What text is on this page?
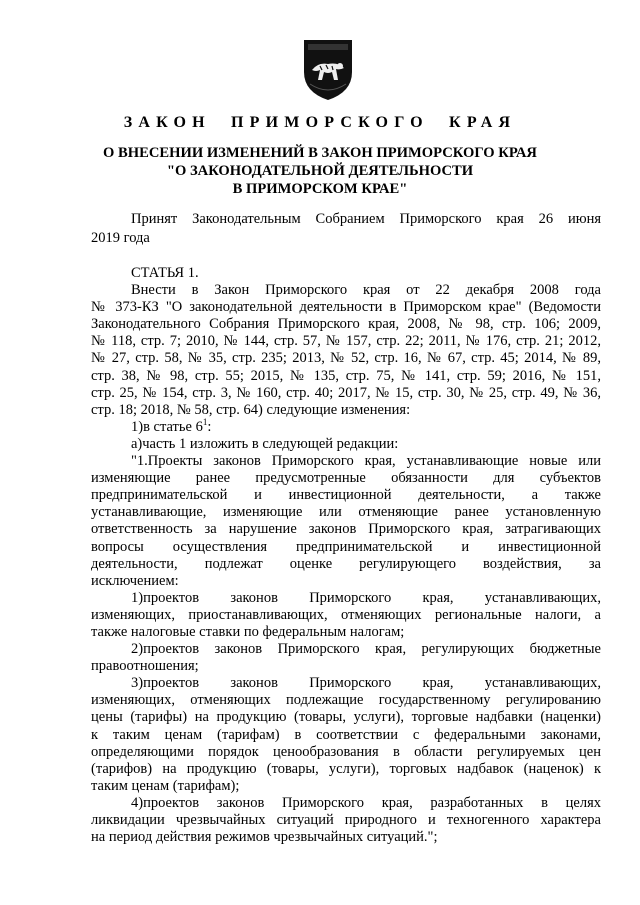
ЗАКОН ПРИМОРСКОГО КРАЯ
О ВНЕСЕНИИ ИЗМЕНЕНИЙ В ЗАКОН ПРИМОРСКОГО КРАЯ
"О ЗАКОНОДАТЕЛЬНОЙ ДЕЯТЕЛЬНОСТИ
В ПРИМОРСКОМ КРАЕ"
Принят Законодательным Собранием Приморского края 26 июня
2019 года
СТАТЬЯ 1.
Внести в Закон Приморского края от 22 декабря 2008 года
№ 373-КЗ "О законодательной деятельности в Приморском крае" (Ведомости
Законодательного Собрания Приморского края, 2008, № 98, стр. 106; 2009,
№ 118, стр. 7; 2010, № 144, стр. 57, № 157, стр. 22; 2011, № 176, стр. 21; 2012,
№ 27, стр. 58, № 35, стр. 235; 2013, № 52, стр. 16, № 67, стр. 45; 2014, № 89,
стр. 38, № 98, стр. 55; 2015, № 135, стр. 75, № 141, стр. 59; 2016, № 151,
стр. 25, № 154, стр. 3, № 160, стр. 40; 2017, № 15, стр. 30, № 25, стр. 49, № 36,
стр. 18; 2018, № 58, стр. 64) следующие изменения:
1)в статье $6^1$:
а)часть 1 изложить в следующей редакции:
"1.Проекты законов Приморского края, устанавливающие новые или
изменяющие ранее предусмотренные обязанности для субъектов
предпринимательской и инвестиционной деятельности, а также
устанавливающие, изменяющие или отменяющие ранее установленную
ответственность за нарушение законов Приморского края, затрагивающих
вопросы осуществления предпринимательской и инвестиционной
деятельности, подлежат оценке регулирующего воздействия, за
исключением:
1)проектов законов Приморского края, устанавливающих,
изменяющих, приостанавливающих, отменяющих региональные налоги, а
также налоговые ставки по федеральным налогам;
2)проектов законов Приморского края, регулирующих бюджетные
правоотношения;
3)проектов законов Приморского края, устанавливающих,
изменяющих, отменяющих подлежащие государственному регулированию
цены (тарифы) на продукцию (товары, услуги), торговые надбавки (наценки)
к таким ценам (тарифам) в соответствии с федеральными законами,
определяющими порядок ценообразования в области регулируемых цен
(тарифов) на продукцию (товары, услуги), торговых надбавок (наценок) к
таким ценам (тарифам);
4)проектов законов Приморского края, разработанных в целях
ликвидации чрезвычайных ситуаций природного и техногенного характера
на период действия режимов чрезвычайных ситуаций.";
